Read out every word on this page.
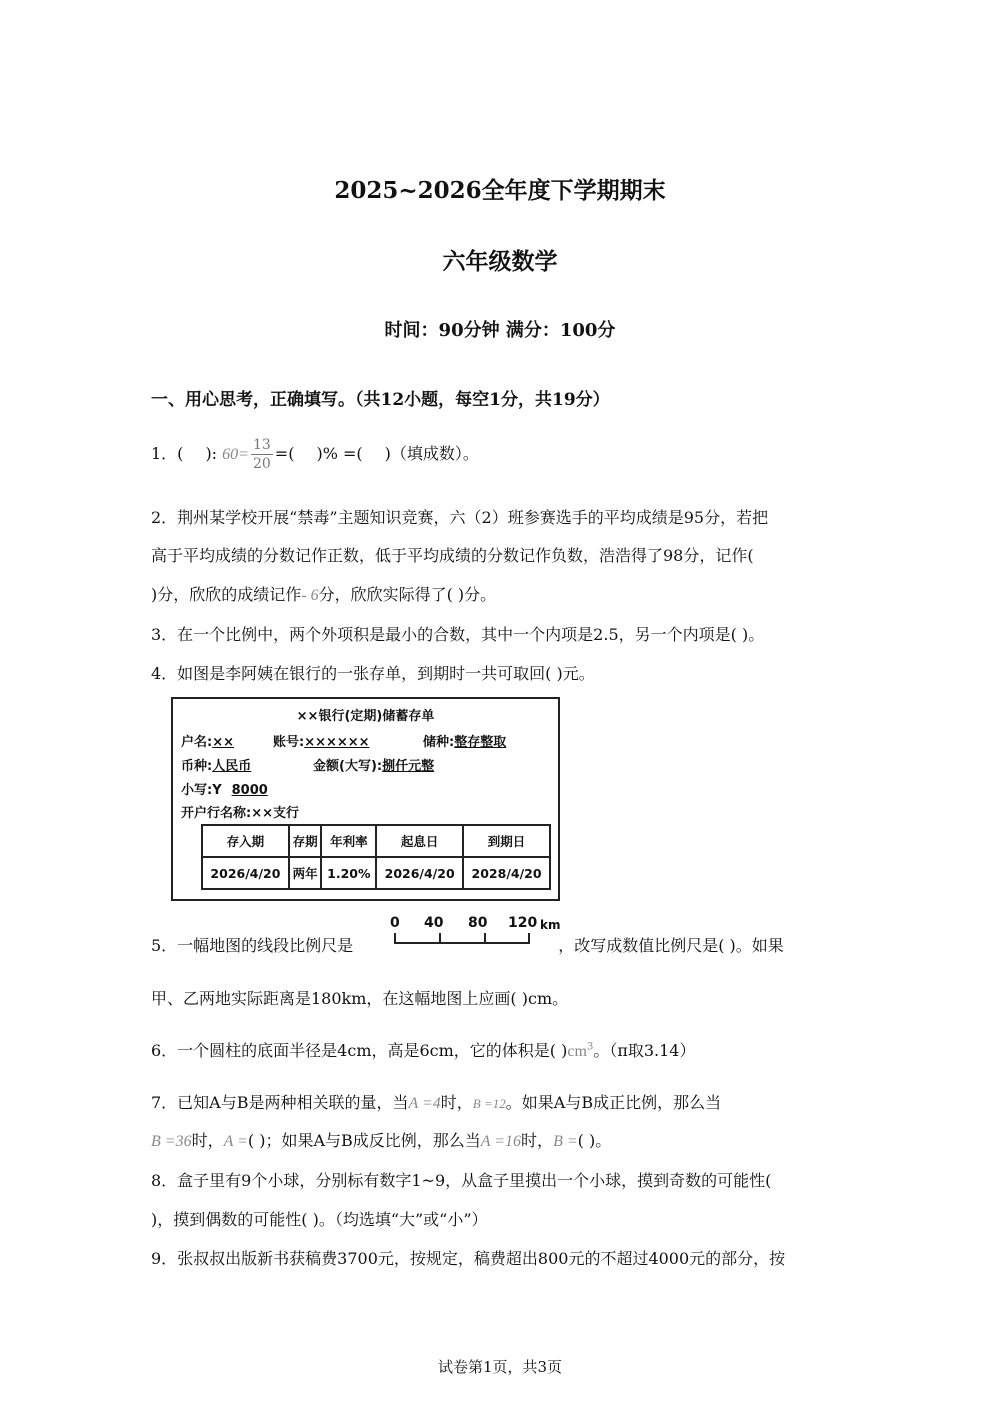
2025~2026全年度下学期期末
六年级数学
时间：90分钟 满分：100分
一、用心思考，正确填写。（共12小题，每空1分，共19分）
1．( ): $60= \frac{13}{20}$ =( )% =( )（填成数）。
2．荆州某学校开展“禁毒”主题知识竞赛，六（2）班参赛选手的平均成绩是95分，若把
高于平均成绩的分数记作正数，低于平均成绩的分数记作负数，浩浩得了98分，记作(
)分，欣欣的成绩记作- 6分，欣欣实际得了( )分。
3．在一个比例中，两个外项积是最小的合数，其中一个内项是2.5，另一个内项是( )。
4．如图是李阿姨在银行的一张存单，到期时一共可取回( )元。
××银行(定期)储蓄存单
户名:××	账号:××××××	储种:整存整取
币种:人民币	金额(大写):捌仟元整
小写:Y 8000
开户行名称:××支行
存入期	存期	年利率	起息日	到期日
2026/4/20	两年	1.20%	2026/4/20	2028/4/20
5．一幅地图的线段比例尺是	，改写成数值比例尺是( )。如果
0 40 80 120 km
甲、乙两地实际距离是180km，在这幅地图上应画( )cm。
6．一个圆柱的底面半径是4cm，高是6cm，它的体积是( )$cm^3$。（π取3.14）
7．已知A与B是两种相关联的量，当A =4时，B =12。如果A与B成正比例，那么当
B =36时，A =( )；如果A与B成反比例，那么当A =16时，B =( )。
8．盒子里有9个小球，分别标有数字1~9，从盒子里摸出一个小球，摸到奇数的可能性(
)，摸到偶数的可能性( )。（均选填“大”或“小”）
9．张叔叔出版新书获稿费3700元，按规定，稿费超出800元的不超过4000元的部分，按
试卷第1页，共3页
